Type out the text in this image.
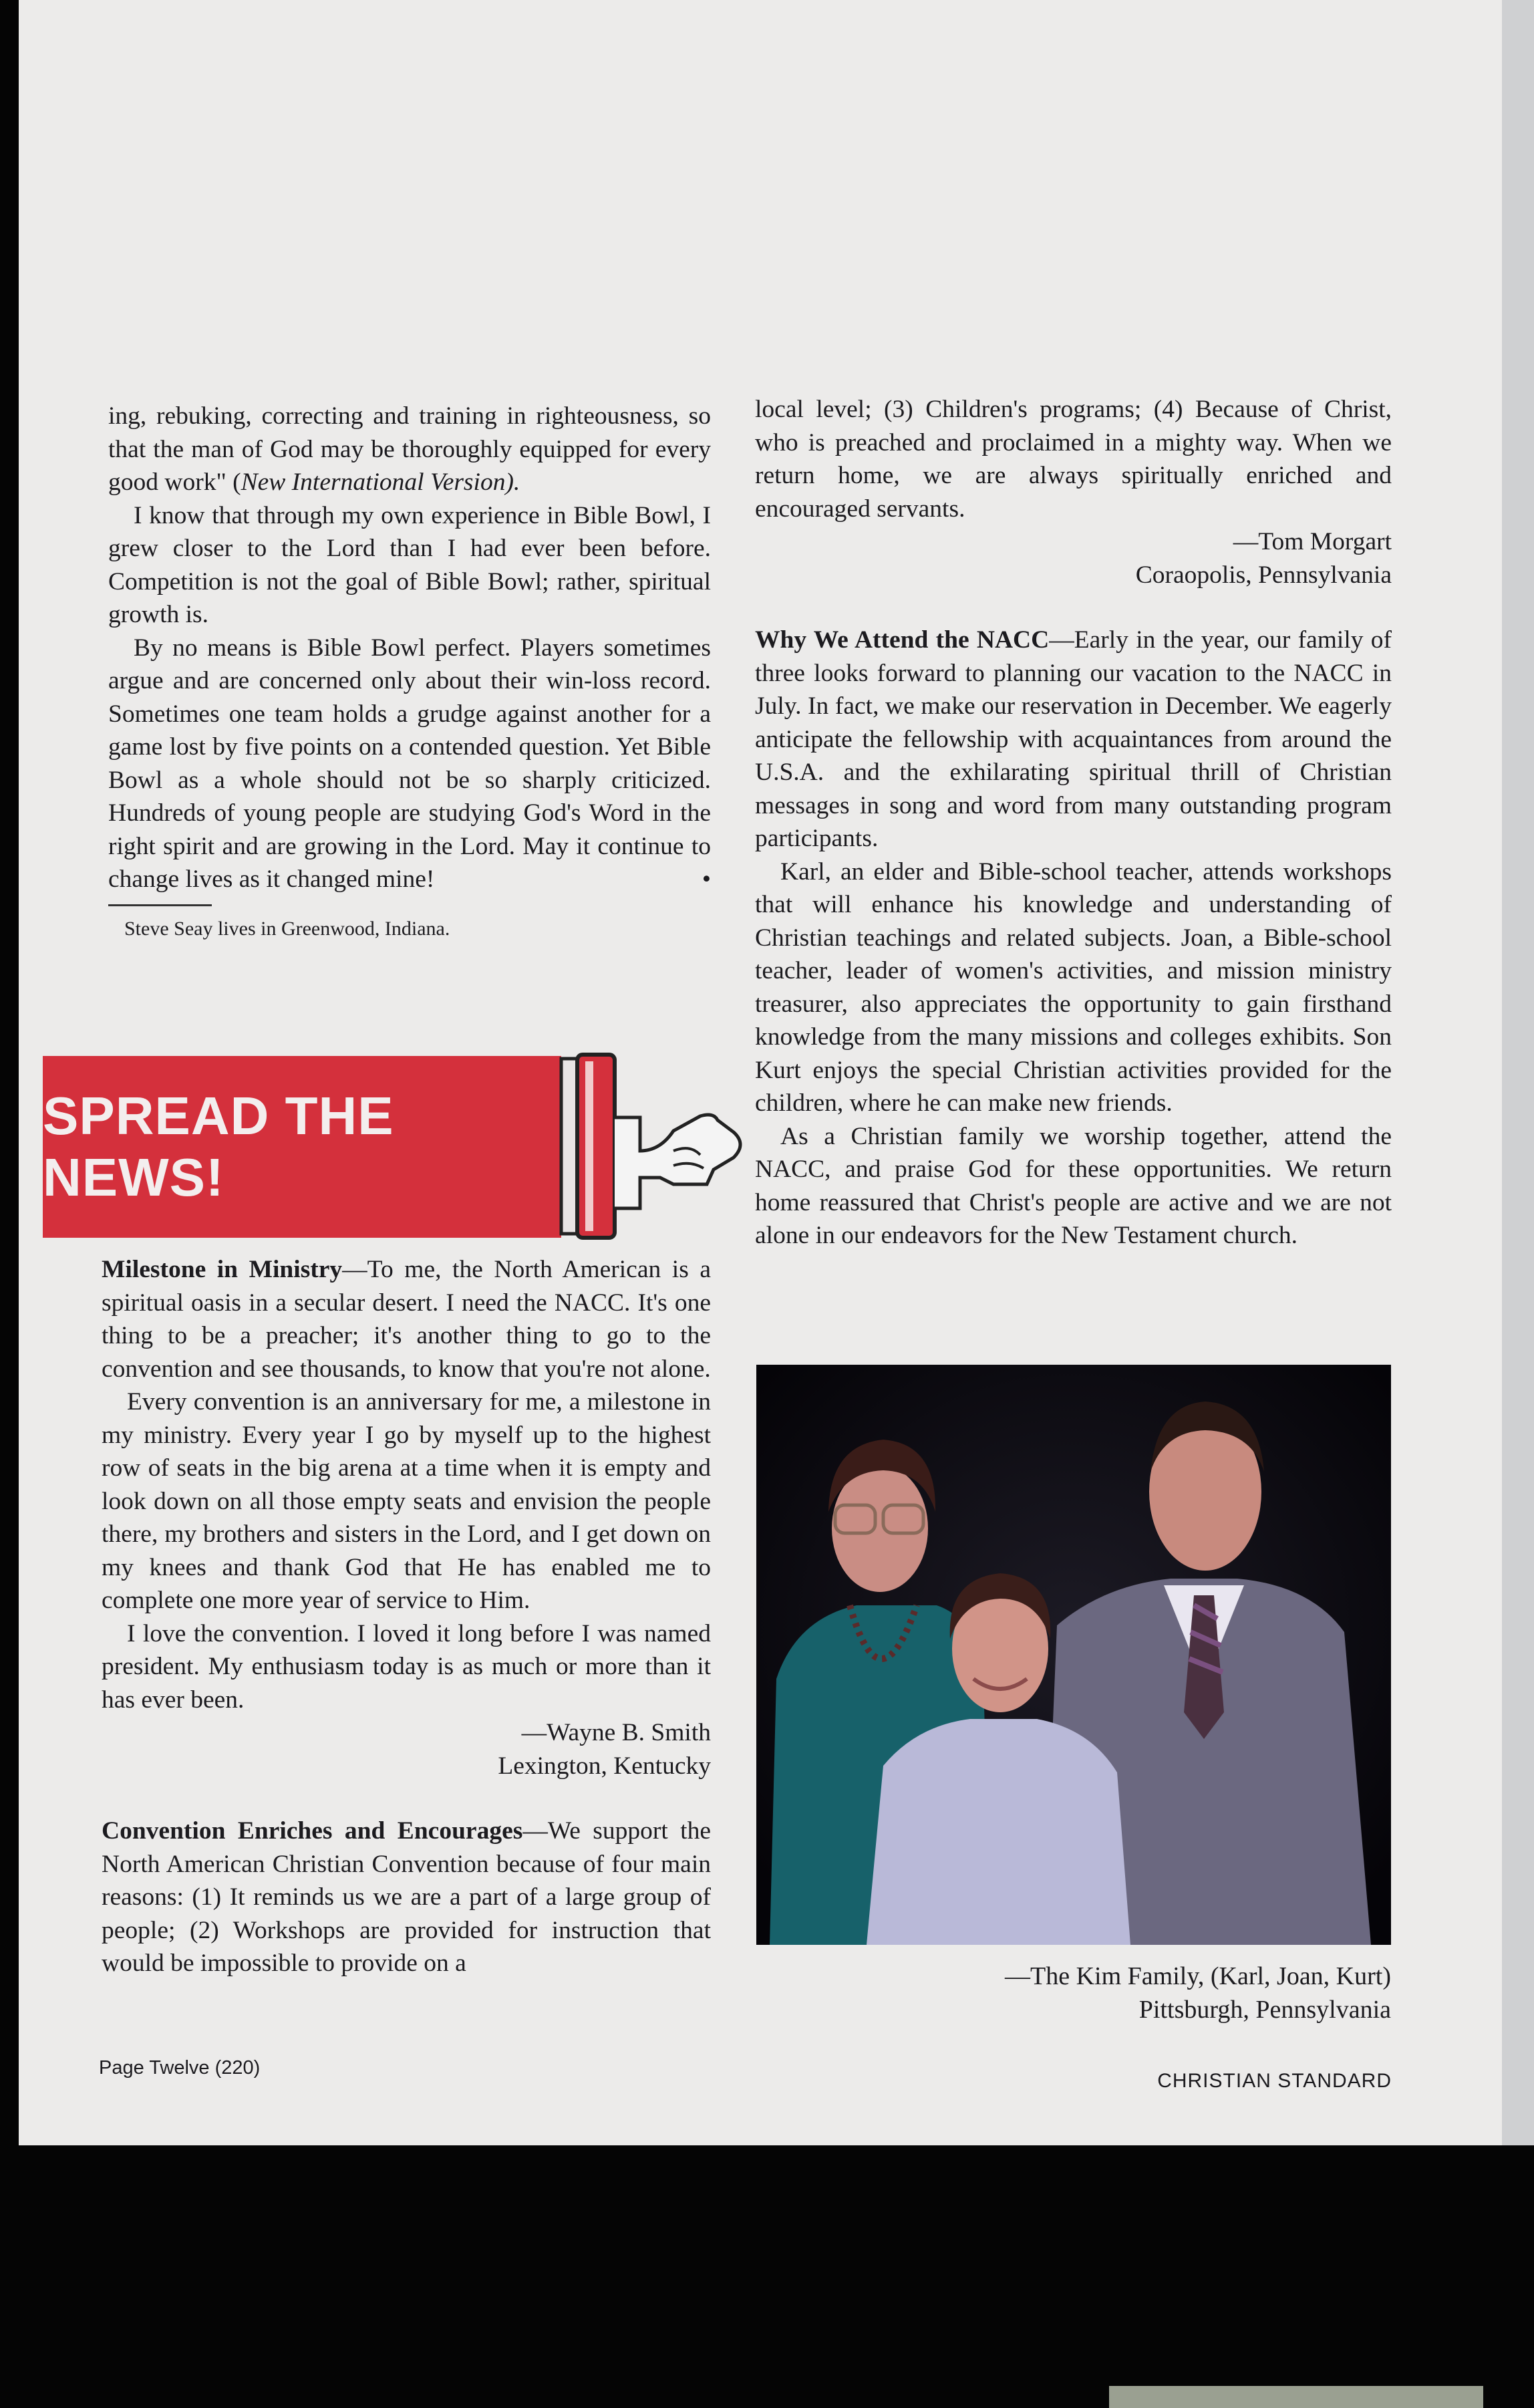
ing, rebuking, correcting and training in righteousness, so that the man of God may be thoroughly equipped for every good work" (New International Version).

I know that through my own experience in Bible Bowl, I grew closer to the Lord than I had ever been before. Competition is not the goal of Bible Bowl; rather, spiritual growth is.

By no means is Bible Bowl perfect. Players sometimes argue and are concerned only about their win-loss record. Sometimes one team holds a grudge against another for a game lost by five points on a contended question. Yet Bible Bowl as a whole should not be so sharply criticized. Hundreds of young people are studying God's Word in the right spirit and are growing in the Lord. May it continue to change lives as it changed mine!	•

Steve Seay lives in Greenwood, Indiana.

SPREAD THE NEWS!

Milestone in Ministry—To me, the North American is a spiritual oasis in a secular desert. I need the NACC. It's one thing to be a preacher; it's another thing to go to the convention and see thousands, to know that you're not alone.

Every convention is an anniversary for me, a milestone in my ministry. Every year I go by myself up to the highest row of seats in the big arena at a time when it is empty and look down on all those empty seats and envision the people there, my brothers and sisters in the Lord, and I get down on my knees and thank God that He has enabled me to complete one more year of service to Him.

I love the convention. I loved it long before I was named president. My enthusiasm today is as much or more than it has ever been.

—Wayne B. Smith

Lexington, Kentucky

Convention Enriches and Encourages—We support the North American Christian Convention because of four main reasons: (1) It reminds us we are a part of a large group of people; (2) Workshops are provided for instruction that would be impossible to provide on a

local level; (3) Children's programs; (4) Because of Christ, who is preached and proclaimed in a mighty way. When we return home, we are always spiritually enriched and encouraged servants.

—Tom Morgart

Coraopolis, Pennsylvania

Why We Attend the NACC—Early in the year, our family of three looks forward to planning our vacation to the NACC in July. In fact, we make our reservation in December. We eagerly anticipate the fellowship with acquaintances from around the U.S.A. and the exhilarating spiritual thrill of Christian messages in song and word from many outstanding program participants.

Karl, an elder and Bible-school teacher, attends workshops that will enhance his knowledge and understanding of Christian teachings and related subjects. Joan, a Bible-school teacher, leader of women's activities, and mission ministry treasurer, also appreciates the opportunity to gain firsthand knowledge from the many missions and colleges exhibits. Son Kurt enjoys the special Christian activities provided for the children, where he can make new friends.

As a Christian family we worship together, attend the NACC, and praise God for these opportunities. We return home reassured that Christ's people are active and we are not alone in our endeavors for the New Testament church.

—The Kim Family, (Karl, Joan, Kurt)
Pittsburgh, Pennsylvania
Page Twelve (220)
CHRISTIAN STANDARD
